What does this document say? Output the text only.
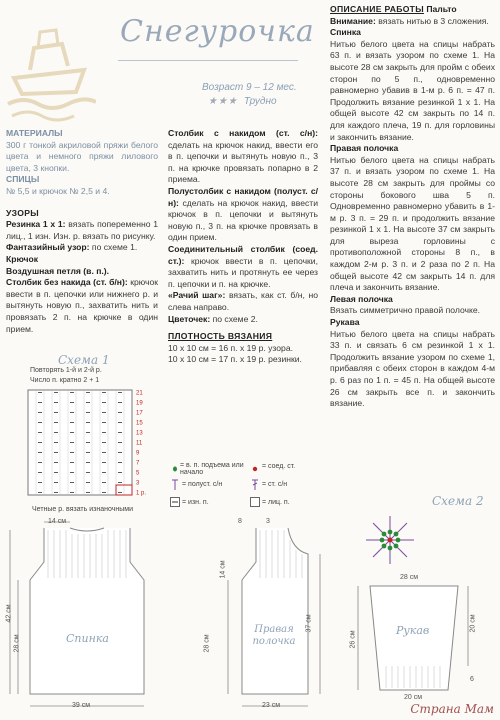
Снегурочка
Возраст 9 – 12 мес.
★★★ Трудно

МАТЕРИАЛЫ

300 г тонкой акриловой пряжи белого цвета и немного пряжи лилового цвета, 3 кнопки.

СПИЦЫ

№ 5,5 и крючок № 2,5 и 4.

УЗОРЫ

Резинка 1 х 1: вязать попеременно 1 лиц., 1 изн. Изн. р. вязать по рисунку.

Фантазийный узор: по схеме 1.

Крючок

Воздушная петля (в. п.).

Столбик без накида (ст. б/н): крючок ввести в п. цепочки или нижнего р. и вытянуть новую п., захватить нить и провязать 2 п. на крючке в один прием.

Столбик с накидом (ст. с/н): сделать на крючок накид, ввести его в п. цепочки и вытянуть новую п., 3 п. на крючке провязать попарно в 2 приема.

Полустолбик с накидом (полуст. с/н): сделать на крючок накид, ввести крючок в п. цепочки и вытянуть новую п., 3 п. на крючке провязать в один прием.

Соединительный столбик (соед. ст.): крючок ввести в п. цепочки, захватить нить и протянуть ее через п. цепочки и п. на крючке.

«Рачий шаг»: вязать, как ст. б/н, но слева направо.

Цветочек: по схеме 2.

ПЛОТНОСТЬ ВЯЗАНИЯ

10 х 10 см = 16 п. х 19 р. узора.

10 х 10 см = 17 п. х 19 р. резинки.

ОПИСАНИЕ РАБОТЫ Пальто

Внимание: вязать нитью в 3 сложения.

Спинка

Нитью белого цвета на спицы набрать 63 п. и вязать узором по схеме 1. На высоте 28 см закрыть для пройм с обеих сторон по 5 п., одновременно равномерно убавив в 1-м р. 6 п. = 47 п. Продолжить вязание резинкой 1 х 1. На общей высоте 42 см закрыть по 14 п. для каждого плеча, 19 п. для горловины и закончить вязание.

Правая полочка

Нитью белого цвета на спицы набрать 37 п. и вязать узором по схеме 1. На высоте 28 см закрыть для проймы со стороны бокового шва 5 п. Одновременно равномерно убавить в 1-м р. 3 п. = 29 п. и продолжить вязание резинкой 1 х 1. На высоте 37 см закрыть для выреза горловины с противоположной стороны 8 п., в каждом 2-м р. 3 п. и 2 раза по 2 п. На общей высоте 42 см закрыть 14 п. для плеча и закончить вязание.

Левая полочка

Вязать симметрично правой полочке.

Рукава

Нитью белого цвета на спицы набрать 33 п. и связать 6 см резинкой 1 х 1. Продолжить вязание узором по схеме 1, прибавляя с обеих сторон в каждом 4-м р. 6 раз по 1 п. = 45 п. На общей высоте 26 см закрыть все п. и закончить вязание.

Схема 1
Повторять 1-й и 2-й р.
Число п. кратно 2 + 1
21
19
17
15
13
11
9
7
5
3
1 р.
Четные р. вязать изнаночными
= в. п. подъема или начало
= соед. ст.
= полуст. с/н	= ст. с/н
= изн. п.	= лиц. п.	Схема 2
14 см
42 см
28 см
39 см
Спинка
8	3
14 см
28 см
37 см
23 см
Правая полочка
28 см
26 см
20 см
6
20 см
Рукав
Страна Мам
